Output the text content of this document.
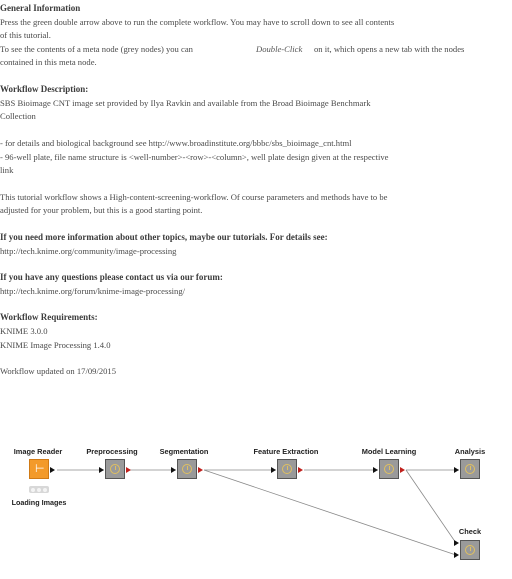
General Information
Press the green double arrow above to run the complete workflow. You may have to scroll down to see all contents
of this tutorial.
To see the contents of a meta node (grey nodes) you can	Double-Click on it, which opens a new tab with the nodes
contained in this meta node.
Workflow Description:
SBS Bioimage CNT image set provided by Ilya Ravkin and available from the Broad Bioimage Benchmark
Collection
- for details and biological background see http://www.broadinstitute.org/bbbc/sbs_bioimage_cnt.html
- 96-well plate, file name structure is <well-number>-<row>-<column>, well plate design given at the respective
link
This tutorial workflow shows a High-content-screening-workflow. Of course parameters and methods have to be
adjusted for your problem, but this is a good starting point.
If you need more information about other topics, maybe our tutorials. For details see:
http://tech.knime.org/community/image-processing
If you have any questions please contact us via our forum:
http://tech.knime.org/forum/knime-image-processing/
Workflow Requirements:
KNIME 3.0.0
KNIME Image Processing 1.4.0
Workflow updated on 17/09/2015
Image Reader
⊢
Loading Images
Preprocessing	Segmentation	Feature Extraction	Model Learning	Analysis
Check
